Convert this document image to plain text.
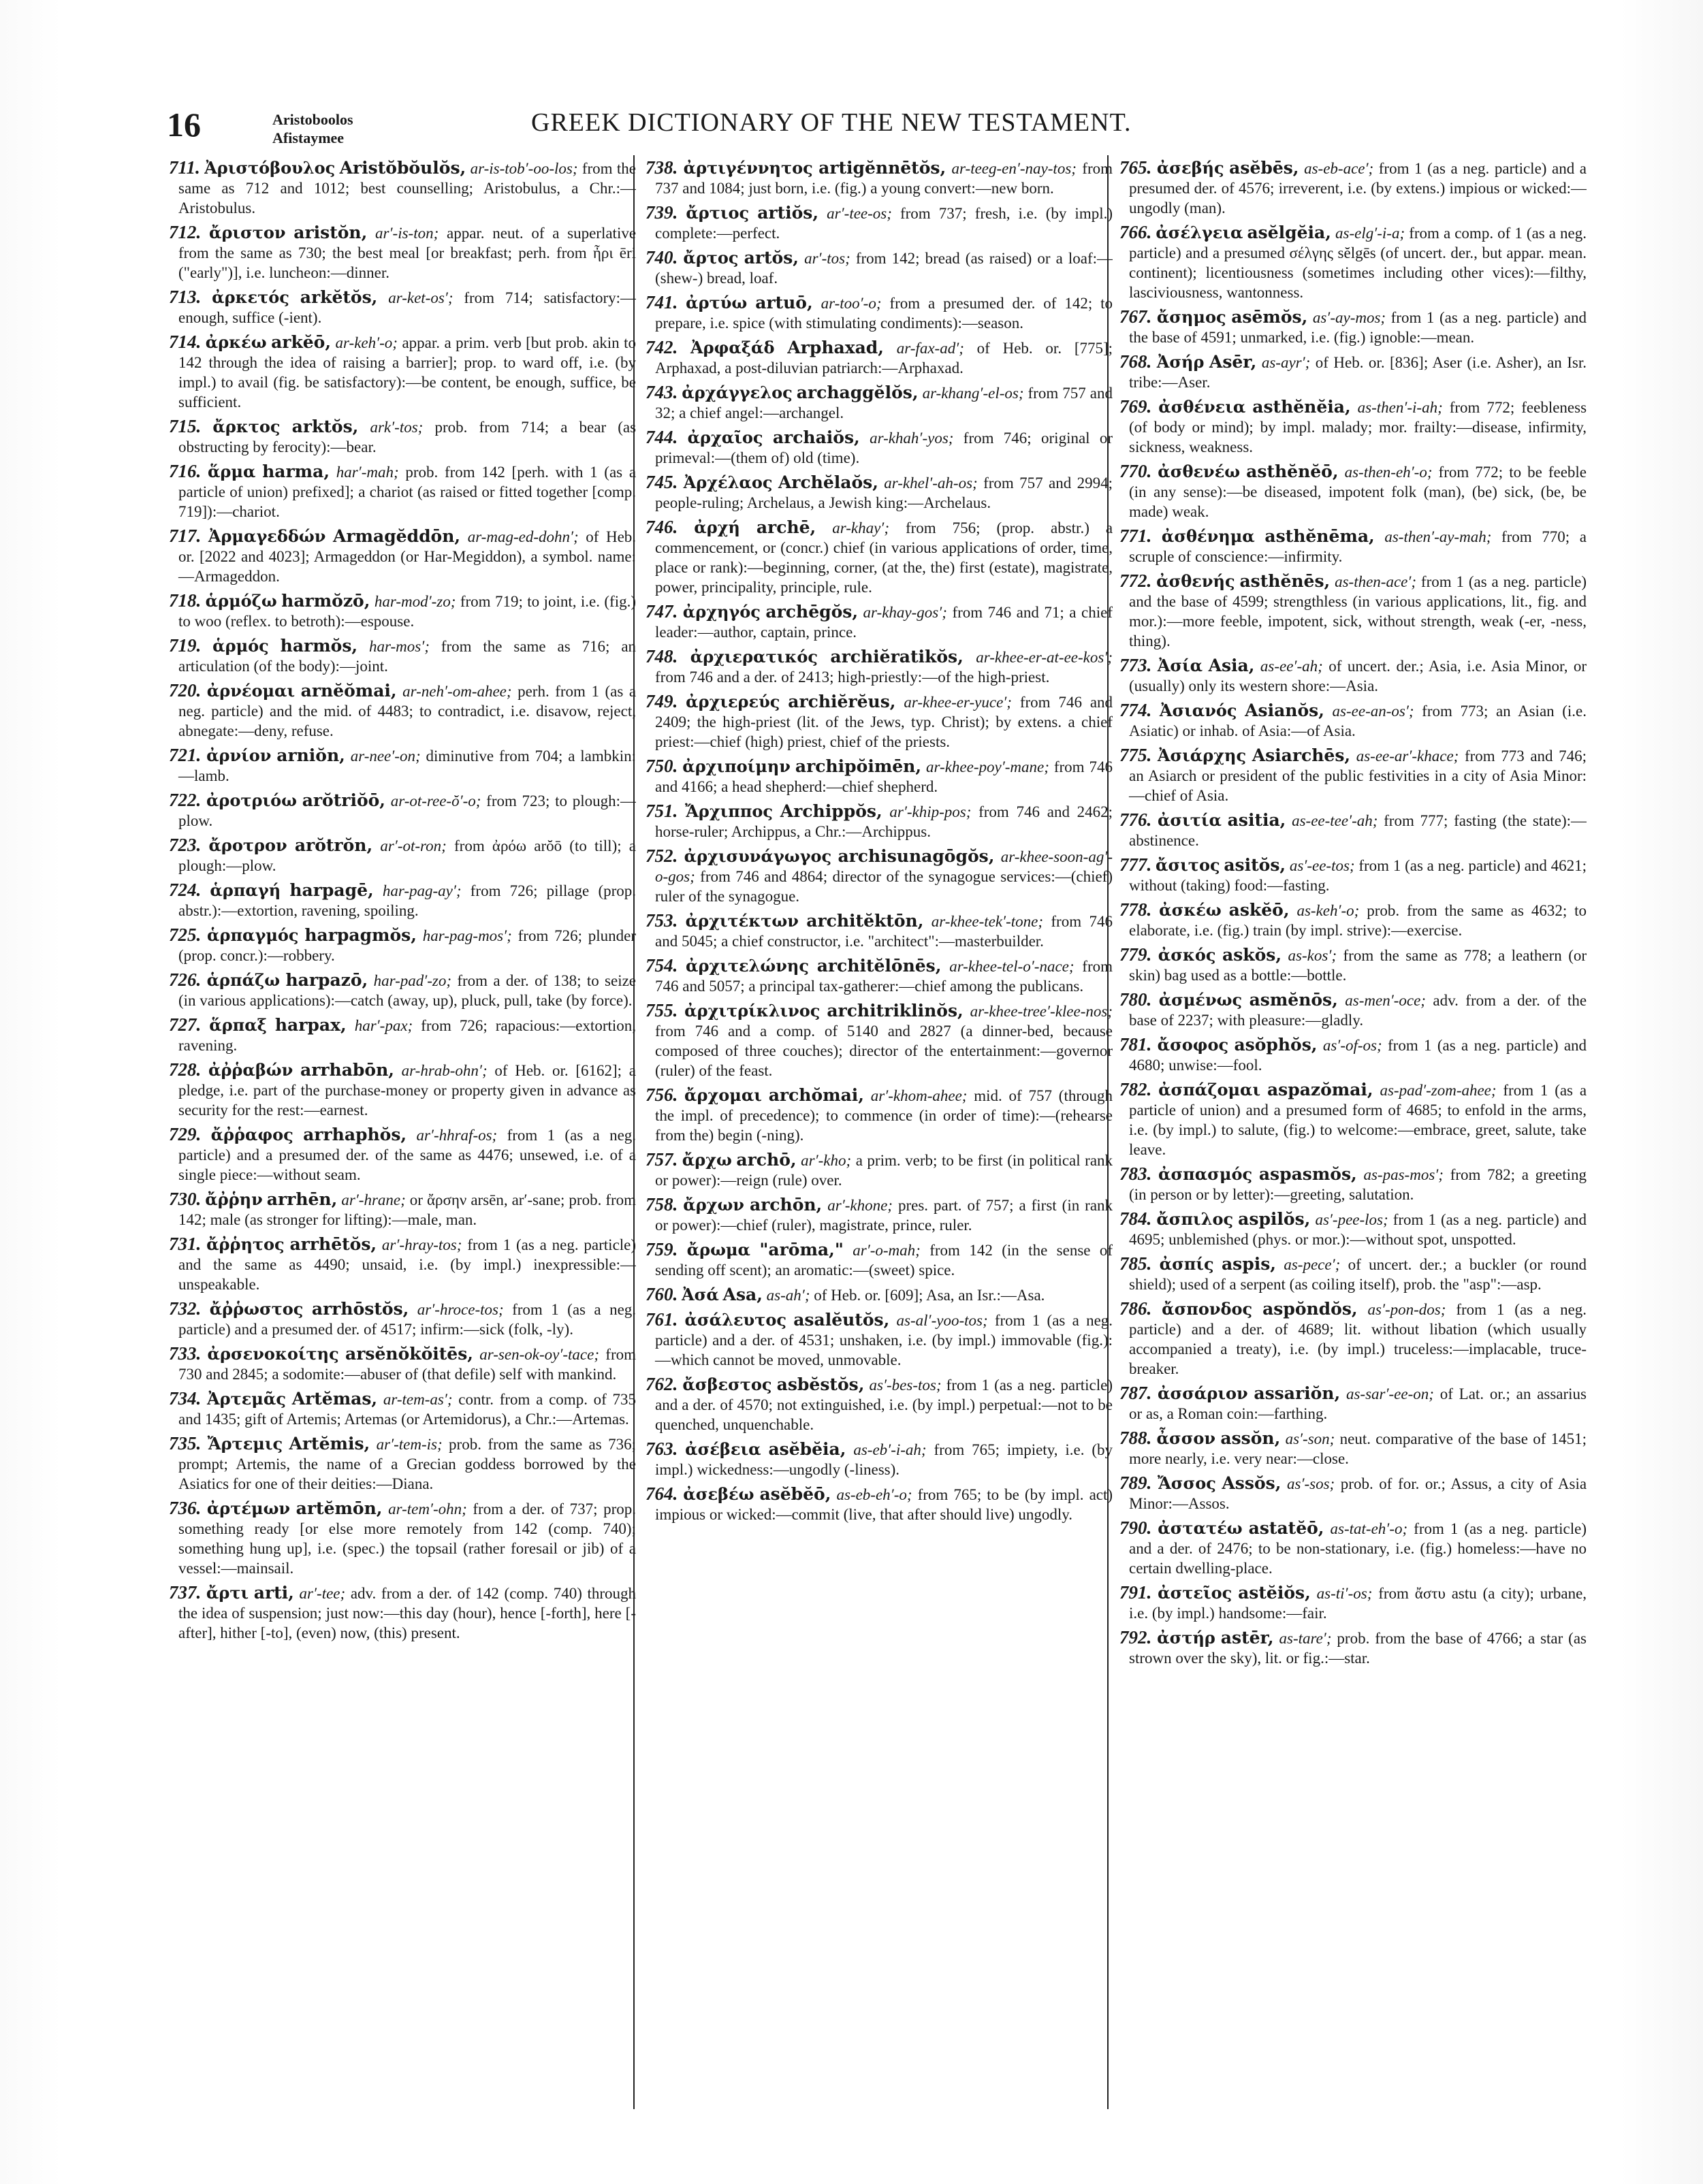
16	Aristoboolos
Afistaymee
GREEK DICTIONARY OF THE NEW TESTAMENT.

711. Ἀριστόβουλος Aristŏbŏulŏs, ar-is-tob′-oo-los; from the same as 712 and 1012; best counselling; Aristobulus, a Chr.:—Aristobulus.

712. ἄριστον aristŏn, ar′-is-ton; appar. neut. of a superlative from the same as 730; the best meal [or breakfast; perh. from ἦρι ēri ("early")], i.e. luncheon:—dinner.

713. ἀρκετός arkĕtŏs, ar-ket-os′; from 714; satisfactory:—enough, suffice (-ient).

714. ἀρκέω arkĕō, ar-keh′-o; appar. a prim. verb [but prob. akin to 142 through the idea of raising a barrier]; prop. to ward off, i.e. (by impl.) to avail (fig. be satisfactory):—be content, be enough, suffice, be sufficient.

715. ἄρκτος arktŏs, ark′-tos; prob. from 714; a bear (as obstructing by ferocity):—bear.

716. ἅρμα harma, har′-mah; prob. from 142 [perh. with 1 (as a particle of union) prefixed]; a chariot (as raised or fitted together [comp. 719]):—chariot.

717. Ἀρμαγεδδών Armagĕddōn, ar-mag-ed-dohn′; of Heb. or. [2022 and 4023]; Armageddon (or Har-Megiddon), a symbol. name:—Armageddon.

718. ἁρμόζω harmŏzō, har-mod′-zo; from 719; to joint, i.e. (fig.) to woo (reflex. to betroth):—espouse.

719. ἁρμός harmŏs, har-mos′; from the same as 716; an articulation (of the body):—joint.

720. ἀρνέομαι arnĕŏmai, ar-neh′-om-ahee; perh. from 1 (as a neg. particle) and the mid. of 4483; to contradict, i.e. disavow, reject, abnegate:—deny, refuse.

721. ἀρνίον arniŏn, ar-nee′-on; diminutive from 704; a lambkin:—lamb.

722. ἀροτριόω arŏtriŏō, ar-ot-ree-ŏ′-o; from 723; to plough:—plow.

723. ἄροτρον arŏtrŏn, ar′-ot-ron; from ἀρόω arŏō (to till); a plough:—plow.

724. ἁρπαγή harpagē, har-pag-ay′; from 726; pillage (prop. abstr.):—extortion, ravening, spoiling.

725. ἁρπαγμός harpagmŏs, har-pag-mos′; from 726; plunder (prop. concr.):—robbery.

726. ἁρπάζω harpazō, har-pad′-zo; from a der. of 138; to seize (in various applications):—catch (away, up), pluck, pull, take (by force).

727. ἅρπαξ harpax, har′-pax; from 726; rapacious:—extortion, ravening.

728. ἀῤῥαβών arrhabōn, ar-hrab-ohn′; of Heb. or. [6162]; a pledge, i.e. part of the purchase-money or property given in advance as security for the rest:—earnest.

729. ἄῤῥαφος arrhaphŏs, ar′-hhraf-os; from 1 (as a neg. particle) and a presumed der. of the same as 4476; unsewed, i.e. of a single piece:—without seam.

730. ἄῤῥην arrhēn, ar′-hrane; or ἄρσην arsēn, ar′-sane; prob. from 142; male (as stronger for lifting):—male, man.

731. ἄῤῥητος arrhētŏs, ar′-hray-tos; from 1 (as a neg. particle) and the same as 4490; unsaid, i.e. (by impl.) inexpressible:—unspeakable.

732. ἄῤῥωστος arrhōstŏs, ar′-hroce-tos; from 1 (as a neg. particle) and a presumed der. of 4517; infirm:—sick (folk, -ly).

733. ἀρσενοκοίτης arsĕnŏkŏitēs, ar-sen-ok-oy′-tace; from 730 and 2845; a sodomite:—abuser of (that defile) self with mankind.

734. Ἀρτεμᾶς Artĕmas, ar-tem-as′; contr. from a comp. of 735 and 1435; gift of Artemis; Artemas (or Artemidorus), a Chr.:—Artemas.

735. Ἄρτεμις Artĕmis, ar′-tem-is; prob. from the same as 736; prompt; Artemis, the name of a Grecian goddess borrowed by the Asiatics for one of their deities:—Diana.

736. ἀρτέμων artĕmōn, ar-tem′-ohn; from a der. of 737; prop. something ready [or else more remotely from 142 (comp. 740); something hung up], i.e. (spec.) the topsail (rather foresail or jib) of a vessel:—mainsail.

737. ἄρτι arti, ar′-tee; adv. from a der. of 142 (comp. 740) through the idea of suspension; just now:—this day (hour), hence [-forth], here [-after], hither [-to], (even) now, (this) present.

738. ἀρτιγέννητος artigĕnnētŏs, ar-teeg-en′-nay-tos; from 737 and 1084; just born, i.e. (fig.) a young convert:—new born.

739. ἄρτιος artiŏs, ar′-tee-os; from 737; fresh, i.e. (by impl.) complete:—perfect.

740. ἄρτος artŏs, ar′-tos; from 142; bread (as raised) or a loaf:—(shew-) bread, loaf.

741. ἀρτύω artuō, ar-too′-o; from a presumed der. of 142; to prepare, i.e. spice (with stimulating condiments):—season.

742. Ἀρφαξάδ Arphaxad, ar-fax-ad′; of Heb. or. [775]; Arphaxad, a post-diluvian patriarch:—Arphaxad.

743. ἀρχάγγελος archaggĕlŏs, ar-khang′-el-os; from 757 and 32; a chief angel:—archangel.

744. ἀρχαῖος archaiŏs, ar-khah′-yos; from 746; original or primeval:—(them of) old (time).

745. Ἀρχέλαος Archĕlaŏs, ar-khel′-ah-os; from 757 and 2994; people-ruling; Archelaus, a Jewish king:—Archelaus.

746. ἀρχή archē, ar-khay′; from 756; (prop. abstr.) a commencement, or (concr.) chief (in various applications of order, time, place or rank):—beginning, corner, (at the, the) first (estate), magistrate, power, principality, principle, rule.

747. ἀρχηγός archēgŏs, ar-khay-gos′; from 746 and 71; a chief leader:—author, captain, prince.

748. ἀρχιερατικός archiĕratikŏs, ar-khee-er-at-ee-kos′; from 746 and a der. of 2413; high-priestly:—of the high-priest.

749. ἀρχιερεύς archiĕrĕus, ar-khee-er-yuce′; from 746 and 2409; the high-priest (lit. of the Jews, typ. Christ); by extens. a chief priest:—chief (high) priest, chief of the priests.

750. ἀρχιποίμην archipŏimēn, ar-khee-poy′-mane; from 746 and 4166; a head shepherd:—chief shepherd.

751. Ἄρχιππος Archippŏs, ar′-khip-pos; from 746 and 2462; horse-ruler; Archippus, a Chr.:—Archippus.

752. ἀρχισυνάγωγος archisunagōgŏs, ar-khee-soon-ag′-o-gos; from 746 and 4864; director of the synagogue services:—(chief) ruler of the synagogue.

753. ἀρχιτέκτων architĕktōn, ar-khee-tek′-tone; from 746 and 5045; a chief constructor, i.e. "architect":—masterbuilder.

754. ἀρχιτελώνης architĕlōnēs, ar-khee-tel-o′-nace; from 746 and 5057; a principal tax-gatherer:—chief among the publicans.

755. ἀρχιτρίκλινος architriklinŏs, ar-khee-tree′-klee-nos; from 746 and a comp. of 5140 and 2827 (a dinner-bed, because composed of three couches); director of the entertainment:—governor (ruler) of the feast.

756. ἄρχομαι archŏmai, ar′-khom-ahee; mid. of 757 (through the impl. of precedence); to commence (in order of time):—(rehearse from the) begin (-ning).

757. ἄρχω archō, ar′-kho; a prim. verb; to be first (in political rank or power):—reign (rule) over.

758. ἄρχων archōn, ar′-khone; pres. part. of 757; a first (in rank or power):—chief (ruler), magistrate, prince, ruler.

759. ἄρωμα "arōma," ar′-o-mah; from 142 (in the sense of sending off scent); an aromatic:—(sweet) spice.

760. Ἀσά Asa, as-ah′; of Heb. or. [609]; Asa, an Isr.:—Asa.

761. ἀσάλευτος asalĕutŏs, as-al′-yoo-tos; from 1 (as a neg. particle) and a der. of 4531; unshaken, i.e. (by impl.) immovable (fig.):—which cannot be moved, unmovable.

762. ἄσβεστος asbĕstŏs, as′-bes-tos; from 1 (as a neg. particle) and a der. of 4570; not extinguished, i.e. (by impl.) perpetual:—not to be quenched, unquenchable.

763. ἀσέβεια asĕbĕia, as-eb′-i-ah; from 765; impiety, i.e. (by impl.) wickedness:—ungodly (-liness).

764. ἀσεβέω asĕbĕō, as-eb-eh′-o; from 765; to be (by impl. act) impious or wicked:—commit (live, that after should live) ungodly.

765. ἀσεβής asĕbēs, as-eb-ace′; from 1 (as a neg. particle) and a presumed der. of 4576; irreverent, i.e. (by extens.) impious or wicked:—ungodly (man).

766. ἀσέλγεια asĕlgĕia, as-elg′-i-a; from a comp. of 1 (as a neg. particle) and a presumed σέλγης sĕlgēs (of uncert. der., but appar. mean. continent); licentiousness (sometimes including other vices):—filthy, lasciviousness, wantonness.

767. ἄσημος asēmŏs, as′-ay-mos; from 1 (as a neg. particle) and the base of 4591; unmarked, i.e. (fig.) ignoble:—mean.

768. Ἀσήρ Asēr, as-ayr′; of Heb. or. [836]; Aser (i.e. Asher), an Isr. tribe:—Aser.

769. ἀσθένεια asthĕnĕia, as-then′-i-ah; from 772; feebleness (of body or mind); by impl. malady; mor. frailty:—disease, infirmity, sickness, weakness.

770. ἀσθενέω asthĕnĕō, as-then-eh′-o; from 772; to be feeble (in any sense):—be diseased, impotent folk (man), (be) sick, (be, be made) weak.

771. ἀσθένημα asthĕnēma, as-then′-ay-mah; from 770; a scruple of conscience:—infirmity.

772. ἀσθενής asthĕnēs, as-then-ace′; from 1 (as a neg. particle) and the base of 4599; strengthless (in various applications, lit., fig. and mor.):—more feeble, impotent, sick, without strength, weak (-er, -ness, thing).

773. Ἀσία Asia, as-ee′-ah; of uncert. der.; Asia, i.e. Asia Minor, or (usually) only its western shore:—Asia.

774. Ἀσιανός Asianŏs, as-ee-an-os′; from 773; an Asian (i.e. Asiatic) or inhab. of Asia:—of Asia.

775. Ἀσιάρχης Asiarchēs, as-ee-ar′-khace; from 773 and 746; an Asiarch or president of the public festivities in a city of Asia Minor:—chief of Asia.

776. ἀσιτία asitia, as-ee-tee′-ah; from 777; fasting (the state):—abstinence.

777. ἄσιτος asitŏs, as′-ee-tos; from 1 (as a neg. particle) and 4621; without (taking) food:—fasting.

778. ἀσκέω askĕō, as-keh′-o; prob. from the same as 4632; to elaborate, i.e. (fig.) train (by impl. strive):—exercise.

779. ἀσκός askŏs, as-kos′; from the same as 778; a leathern (or skin) bag used as a bottle:—bottle.

780. ἀσμένως asmĕnōs, as-men′-oce; adv. from a der. of the base of 2237; with pleasure:—gladly.

781. ἄσοφος asŏphŏs, as′-of-os; from 1 (as a neg. particle) and 4680; unwise:—fool.

782. ἀσπάζομαι aspazŏmai, as-pad′-zom-ahee; from 1 (as a particle of union) and a presumed form of 4685; to enfold in the arms, i.e. (by impl.) to salute, (fig.) to welcome:—embrace, greet, salute, take leave.

783. ἀσπασμός aspasmŏs, as-pas-mos′; from 782; a greeting (in person or by letter):—greeting, salutation.

784. ἄσπιλος aspilŏs, as′-pee-los; from 1 (as a neg. particle) and 4695; unblemished (phys. or mor.):—without spot, unspotted.

785. ἀσπίς aspis, as-pece′; of uncert. der.; a buckler (or round shield); used of a serpent (as coiling itself), prob. the "asp":—asp.

786. ἄσπονδος aspŏndŏs, as′-pon-dos; from 1 (as a neg. particle) and a der. of 4689; lit. without libation (which usually accompanied a treaty), i.e. (by impl.) truceless:—implacable, truce-breaker.

787. ἀσσάριον assariŏn, as-sar′-ee-on; of Lat. or.; an assarius or as, a Roman coin:—farthing.

788. ἆσσον assŏn, as′-son; neut. comparative of the base of 1451; more nearly, i.e. very near:—close.

789. Ἄσσος Assŏs, as′-sos; prob. of for. or.; Assus, a city of Asia Minor:—Assos.

790. ἀστατέω astatĕō, as-tat-eh′-o; from 1 (as a neg. particle) and a der. of 2476; to be non-stationary, i.e. (fig.) homeless:—have no certain dwelling-place.

791. ἀστεῖος astĕiŏs, as-ti′-os; from ἄστυ astu (a city); urbane, i.e. (by impl.) handsome:—fair.

792. ἀστήρ astēr, as-tare′; prob. from the base of 4766; a star (as strown over the sky), lit. or fig.:—star.
